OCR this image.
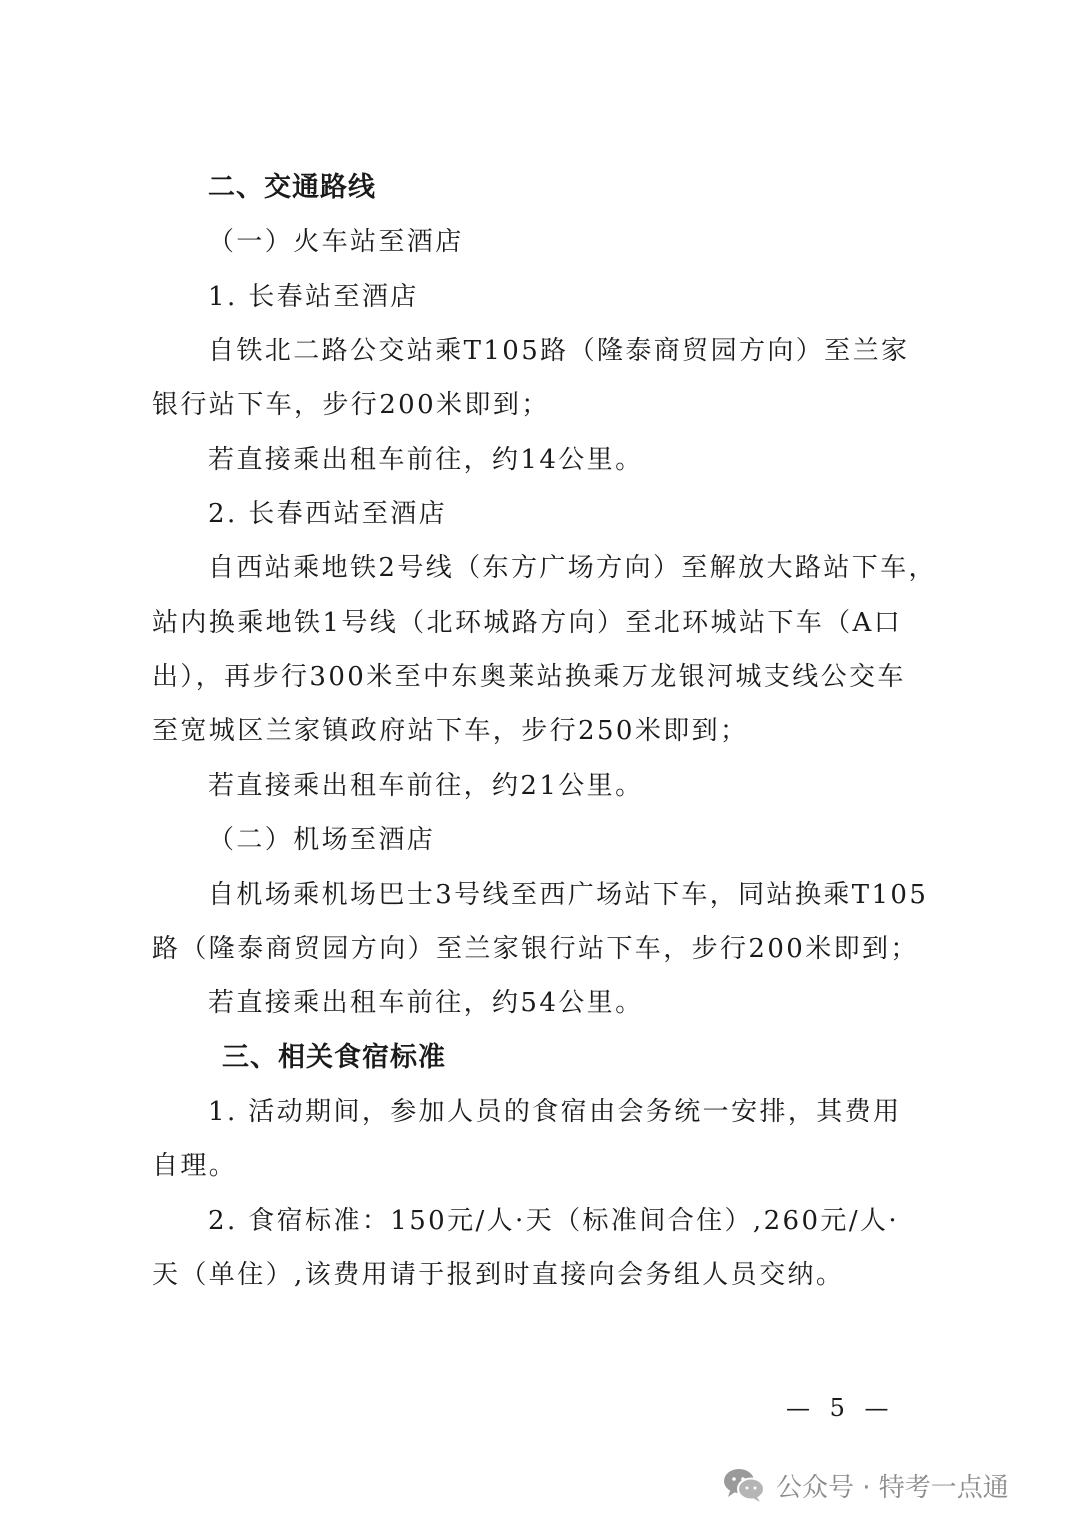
二、交通路线
（一）火车站至酒店
1. 长春站至酒店
自铁北二路公交站乘T105路（隆泰商贸园方向）至兰家
银行站下车，步行200米即到；
若直接乘出租车前往，约14公里。
2. 长春西站至酒店
自西站乘地铁2号线（东方广场方向）至解放大路站下车，
站内换乘地铁1号线（北环城路方向）至北环城站下车（A口
出），再步行300米至中东奥莱站换乘万龙银河城支线公交车
至宽城区兰家镇政府站下车，步行250米即到；
若直接乘出租车前往，约21公里。
（二）机场至酒店
自机场乘机场巴士3号线至西广场站下车，同站换乘T105
路（隆泰商贸园方向）至兰家银行站下车，步行200米即到；
若直接乘出租车前往，约54公里。
三、相关食宿标准
1. 活动期间，参加人员的食宿由会务统一安排，其费用
自理。
2. 食宿标准：150元/人·天（标准间合住）,260元/人·
天（单住）,该费用请于报到时直接向会务组人员交纳。
— 5 —
公众号 · 特考一点通
